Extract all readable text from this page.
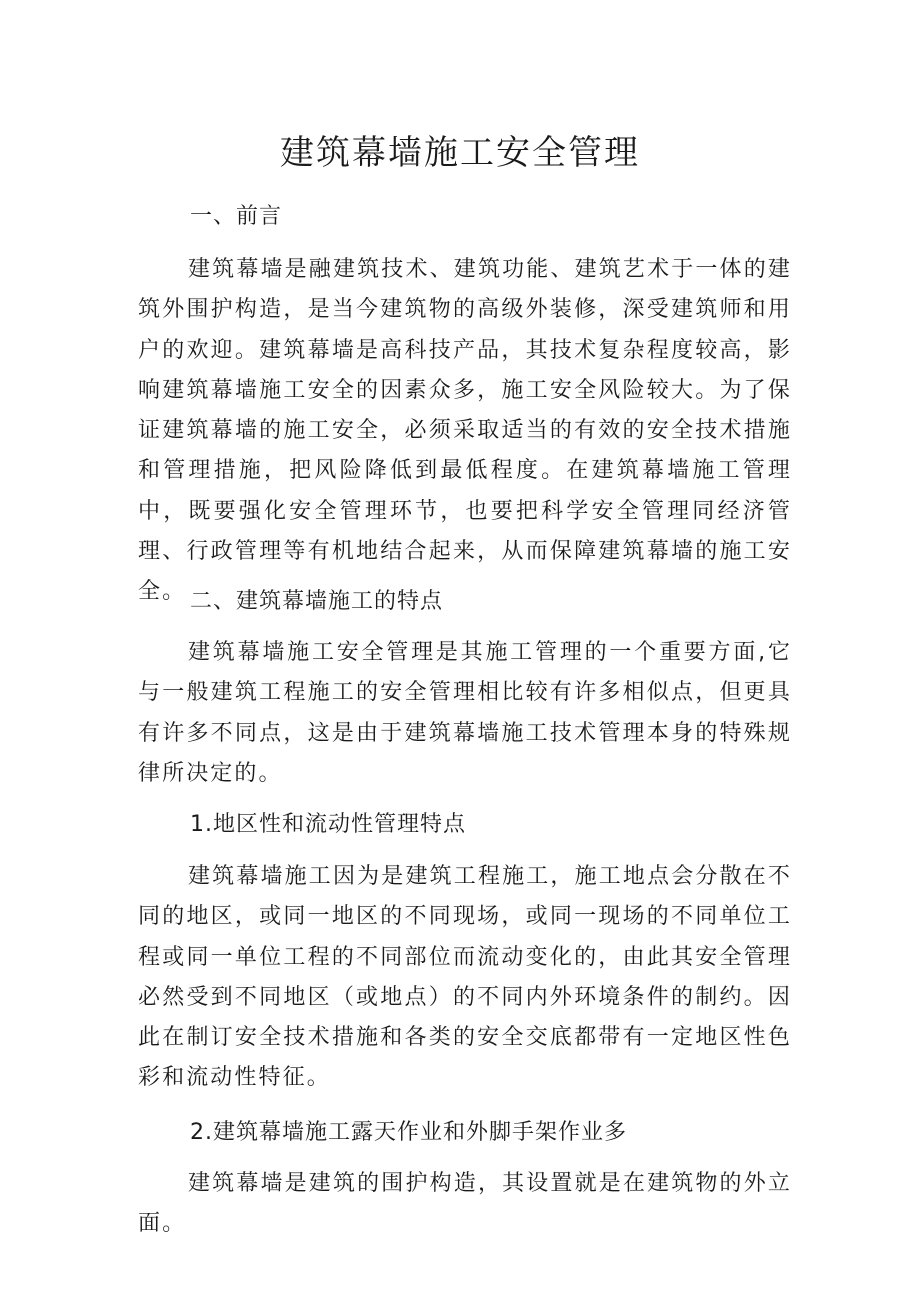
建筑幕墙施工安全管理

一、前言

建筑幕墙是融建筑技术、建筑功能、建筑艺术于一体的建筑外围护构造，是当今建筑物的高级外装修，深受建筑师和用户的欢迎。建筑幕墙是高科技产品，其技术复杂程度较高，影响建筑幕墙施工安全的因素众多，施工安全风险较大。为了保证建筑幕墙的施工安全，必须采取适当的有效的安全技术措施和管理措施，把风险降低到最低程度。在建筑幕墙施工管理中，既要强化安全管理环节，也要把科学安全管理同经济管理、行政管理等有机地结合起来，从而保障建筑幕墙的施工安全。 二、建筑幕墙施工的特点

建筑幕墙施工安全管理是其施工管理的一个重要方面,它与一般建筑工程施工的安全管理相比较有许多相似点，但更具有许多不同点，这是由于建筑幕墙施工技术管理本身的特殊规律所决定的。

1.地区性和流动性管理特点

建筑幕墙施工因为是建筑工程施工，施工地点会分散在不同的地区，或同一地区的不同现场，或同一现场的不同单位工程或同一单位工程的不同部位而流动变化的，由此其安全管理必然受到不同地区（或地点）的不同内外环境条件的制约。因此在制订安全技术措施和各类的安全交底都带有一定地区性色彩和流动性特征。

2.建筑幕墙施工露天作业和外脚手架作业多

建筑幕墙是建筑的围护构造，其设置就是在建筑物的外立面。
